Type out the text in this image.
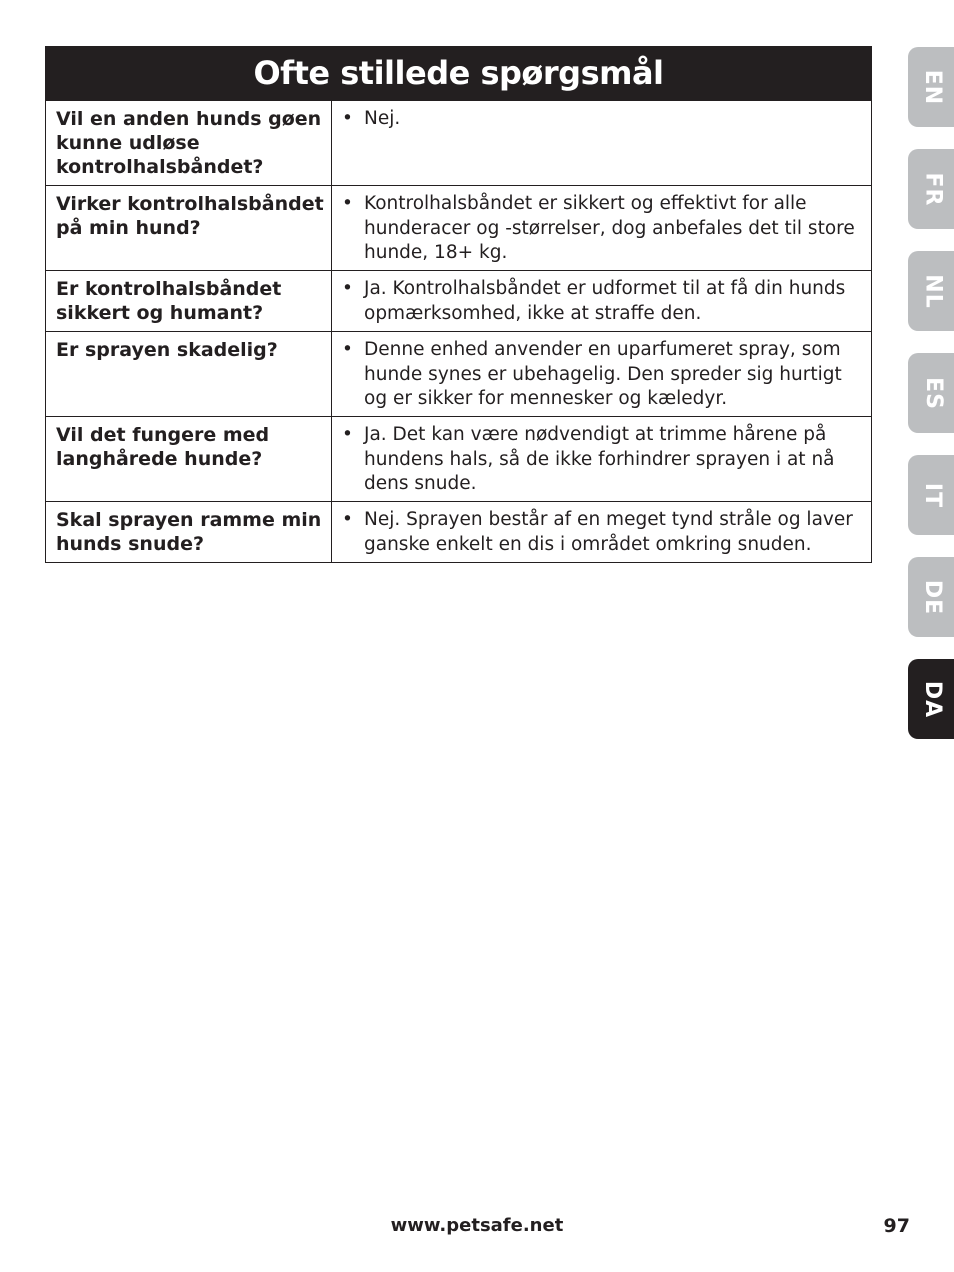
Ofte stillede spørgsmål
Vil en anden hunds gøen kunne udløse kontrolhalsbåndet?
• Nej.
Virker kontrolhalsbåndet på min hund?
• Kontrolhalsbåndet er sikkert og effektivt for alle hunderacer og -størrelser, dog anbefales det til store hunde, 18+ kg.
Er kontrolhalsbåndet sikkert og humant?
• Ja. Kontrolhalsbåndet er udformet til at få din hunds opmærksomhed, ikke at straffe den.
Er sprayen skadelig?	• Denne enhed anvender en uparfumeret spray, som hunde synes er ubehagelig. Den spreder sig hurtigt og er sikker for mennesker og kæledyr.
Vil det fungere med langhårede hunde?
• Ja. Det kan være nødvendigt at trimme hårene på hundens hals, så de ikke forhindrer sprayen i at nå dens snude.
Skal sprayen ramme min hunds snude?
• Nej. Sprayen består af en meget tynd stråle og laver ganske enkelt en dis i området omkring snuden.
EN
FR
NL
ES
IT
DE
DA
www.petsafe.net	97
